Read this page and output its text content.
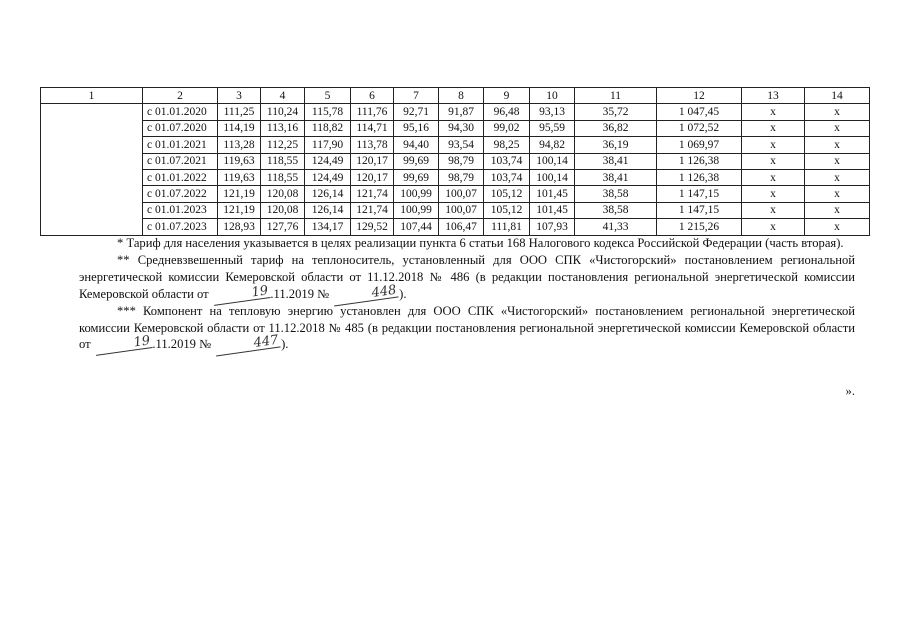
1	2	3	4	5	6	7	8	9	10	11	12	13	14
	с 01.01.2020	111,25	110,24	115,78	111,76	92,71	91,87	96,48	93,13	35,72	1 047,45	х	х
	с 01.07.2020	114,19	113,16	118,82	114,71	95,16	94,30	99,02	95,59	36,82	1 072,52	х	х
	с 01.01.2021	113,28	112,25	117,90	113,78	94,40	93,54	98,25	94,82	36,19	1 069,97	х	х
	с 01.07.2021	119,63	118,55	124,49	120,17	99,69	98,79	103,74	100,14	38,41	1 126,38	х	х
	с 01.01.2022	119,63	118,55	124,49	120,17	99,69	98,79	103,74	100,14	38,41	1 126,38	х	х
	с 01.07.2022	121,19	120,08	126,14	121,74	100,99	100,07	105,12	101,45	38,58	1 147,15	х	х
	с 01.01.2023	121,19	120,08	126,14	121,74	100,99	100,07	105,12	101,45	38,58	1 147,15	х	х
	с 01.07.2023	128,93	127,76	134,17	129,52	107,44	106,47	111,81	107,93	41,33	1 215,26	х	х

* Тариф для населения указывается в целях реализации пункта 6 статьи 168 Налогового кодекса Российской Федерации (часть вторая).

** Средневзвешенный тариф на теплоноситель, установленный для ООО СПК «Чистогорский» постановлением региональной энергетической комиссии Кемеровской области от 11.12.2018 № 486 (в редакции постановления региональной энергетической комиссии Кемеровской области от	19.11.2019 №	448).

*** Компонент на тепловую энергию установлен для ООО СПК «Чистогорский» постановлением региональной энергетической комиссии Кемеровской области от 11.12.2018 № 485 (в редакции постановления региональной энергетической комиссии Кемеровской области от	19.11.2019 №	447).

».
